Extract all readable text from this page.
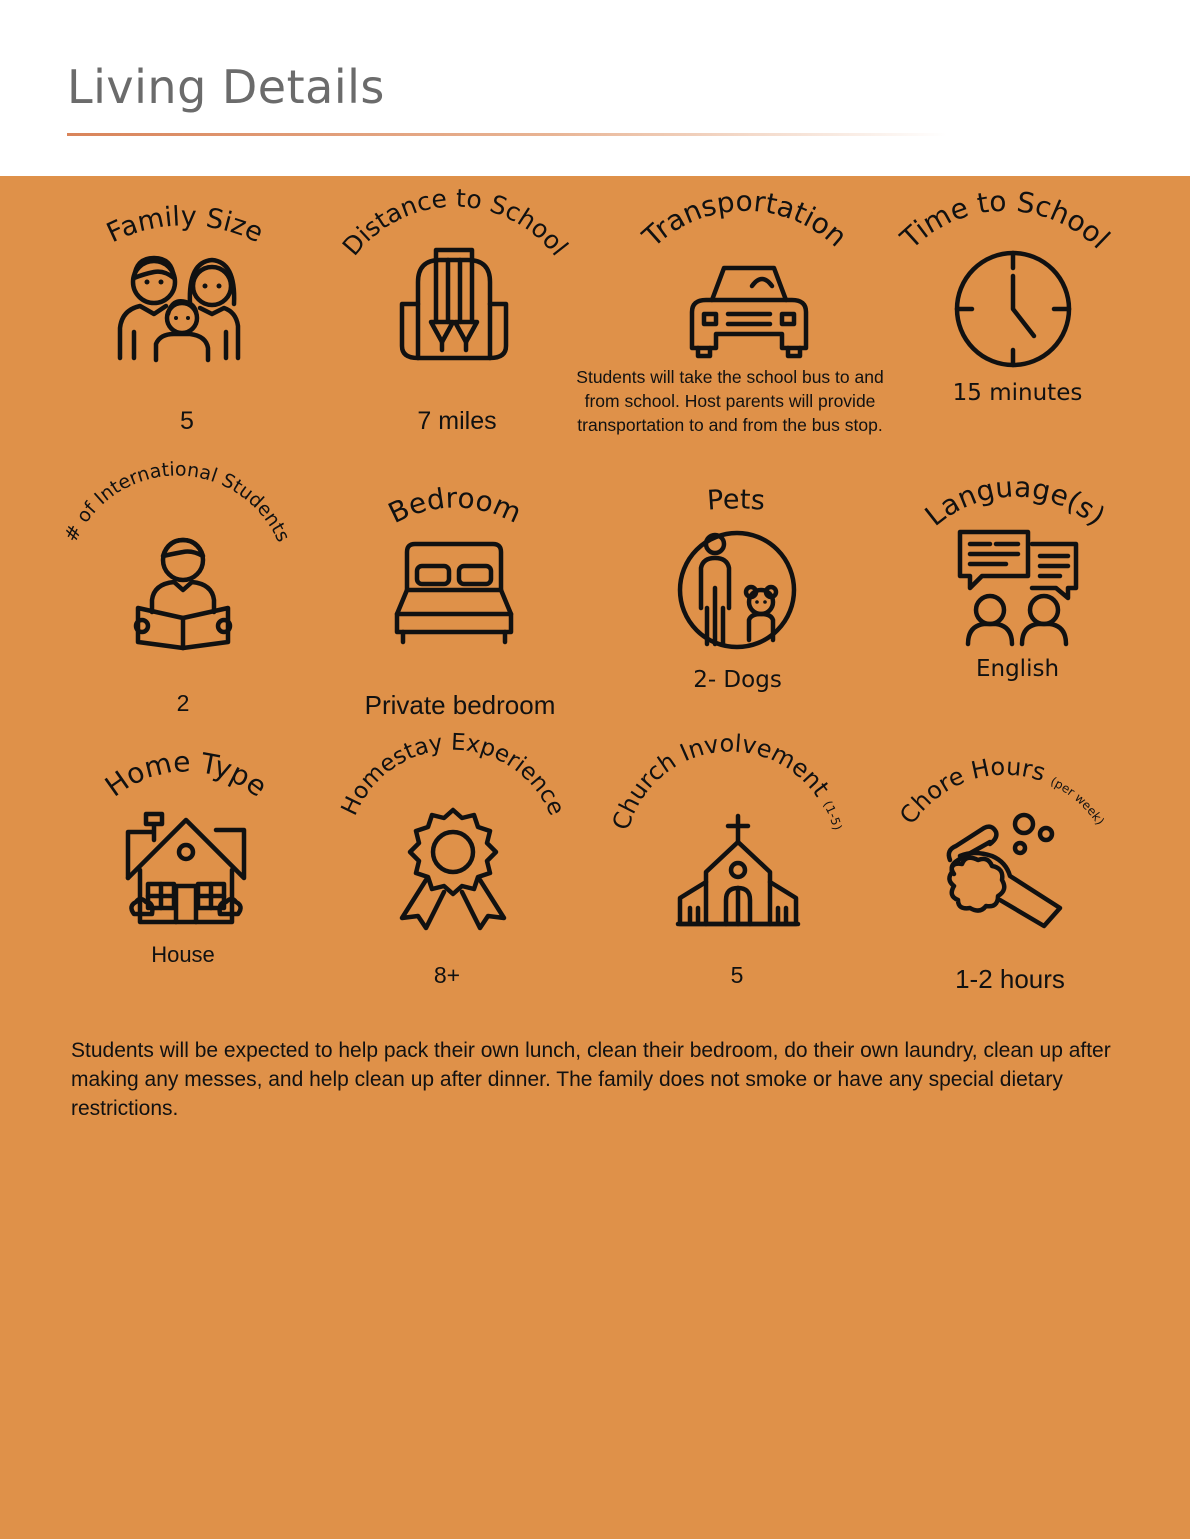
Living Details
Family Size
5
Distance to School
7 miles
Transportation
Students will take the school bus to and from school. Host parents will provide transportation to and from the bus stop.
Time to School
15 minutes
# of International Students
2
Bedroom
Private bedroom
Pets
2- Dogs
Language(s)
English
Home Type
House
Homestay Experience
8+
Church Involvement (1-5)
5
Chore Hours (per week)
1-2 hours
Students will be expected to help pack their own lunch, clean their bedroom, do their own laundry, clean up after making any messes, and help clean up after dinner. The family does not smoke or have any special dietary restrictions.
